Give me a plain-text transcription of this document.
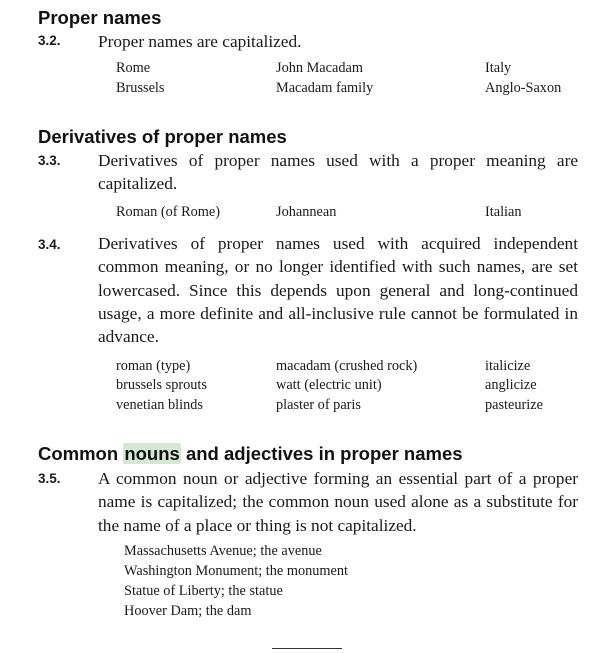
Proper names
3.2. Proper names are capitalized.

Rome
Brussels
John Macadam
Macadam family
Italy
Anglo-Saxon
Derivatives of proper names
3.3. Derivatives of proper names used with a proper meaning are capitalized.

Roman (of Rome)	Johannean	Italian
3.4. Derivatives of proper names used with acquired independent common meaning, or no longer identified with such names, are set lowercased. Since this depends upon general and long-continued usage, a more definite and all-inclusive rule cannot be formulated in advance.

roman (type)
brussels sprouts
venetian blinds
macadam (crushed rock)
watt (electric unit)
plaster of paris
italicize
anglicize
pasteurize
Common nouns and adjectives in proper names
3.5. A common noun or adjective forming an essential part of a proper name is capitalized; the common noun used alone as a substitute for the name of a place or thing is not capitalized.

Massachusetts Avenue; the avenue
Washington Monument; the monument
Statue of Liberty; the statue
Hoover Dam; the dam
